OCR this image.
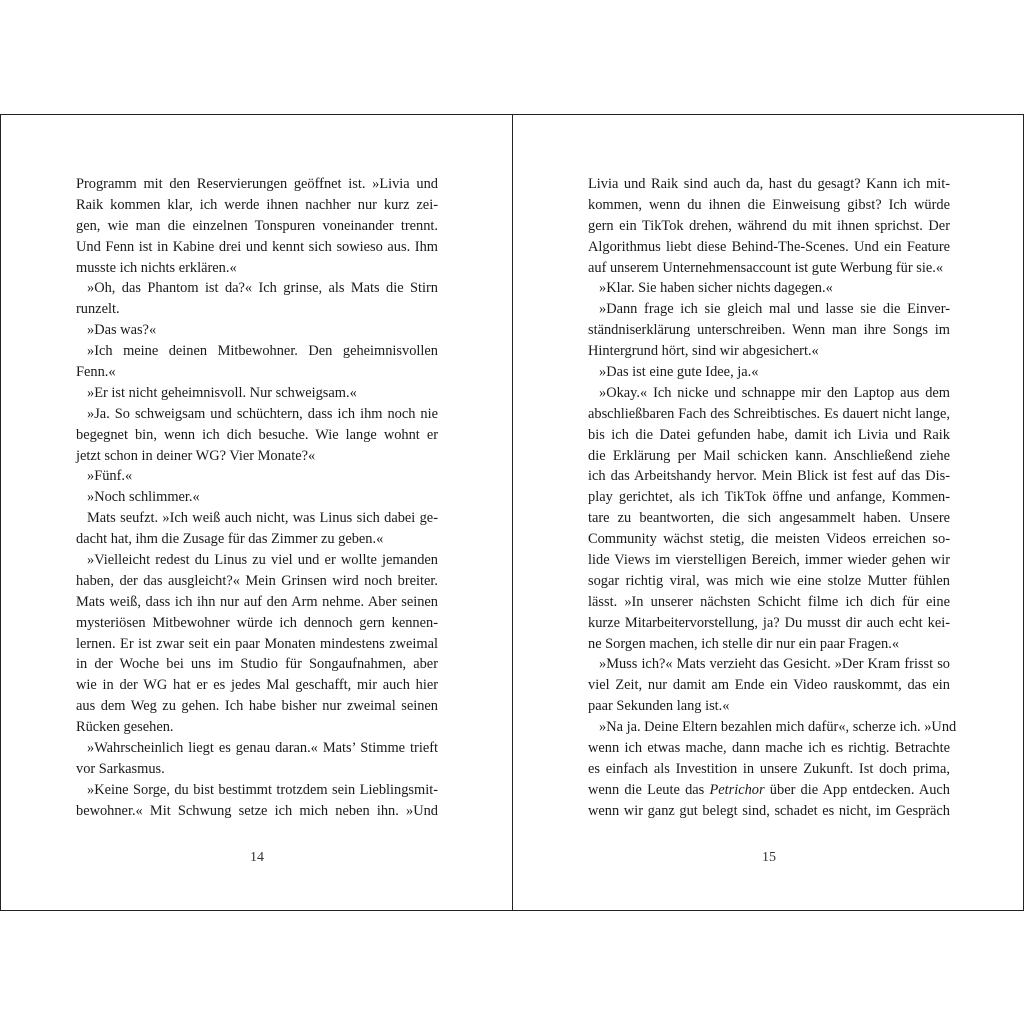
Programm mit den Reservierungen geöffnet ist. »Livia und
Raik kommen klar, ich werde ihnen nachher nur kurz zei-
gen, wie man die einzelnen Tonspuren voneinander trennt.
Und Fenn ist in Kabine drei und kennt sich sowieso aus. Ihm
musste ich nichts erklären.«
»Oh, das Phantom ist da?« Ich grinse, als Mats die Stirn
runzelt.
»Das was?«
»Ich meine deinen Mitbewohner. Den geheimnisvollen
Fenn.«
»Er ist nicht geheimnisvoll. Nur schweigsam.«
»Ja. So schweigsam und schüchtern, dass ich ihm noch nie
begegnet bin, wenn ich dich besuche. Wie lange wohnt er
jetzt schon in deiner WG? Vier Monate?«
»Fünf.«
»Noch schlimmer.«
Mats seufzt. »Ich weiß auch nicht, was Linus sich dabei ge-
dacht hat, ihm die Zusage für das Zimmer zu geben.«
»Vielleicht redest du Linus zu viel und er wollte jemanden
haben, der das ausgleicht?« Mein Grinsen wird noch breiter.
Mats weiß, dass ich ihn nur auf den Arm nehme. Aber seinen
mysteriösen Mitbewohner würde ich dennoch gern kennen-
lernen. Er ist zwar seit ein paar Monaten mindestens zweimal
in der Woche bei uns im Studio für Songaufnahmen, aber
wie in der WG hat er es jedes Mal geschafft, mir auch hier
aus dem Weg zu gehen. Ich habe bisher nur zweimal seinen
Rücken gesehen.
»Wahrscheinlich liegt es genau daran.« Mats’ Stimme trieft
vor Sarkasmus.
»Keine Sorge, du bist bestimmt trotzdem sein Lieblingsmit-
bewohner.« Mit Schwung setze ich mich neben ihn. »Und
Livia und Raik sind auch da, hast du gesagt? Kann ich mit-
kommen, wenn du ihnen die Einweisung gibst? Ich würde
gern ein TikTok drehen, während du mit ihnen sprichst. Der
Algorithmus liebt diese Behind-The-Scenes. Und ein Feature
auf unserem Unternehmensaccount ist gute Werbung für sie.«
»Klar. Sie haben sicher nichts dagegen.«
»Dann frage ich sie gleich mal und lasse sie die Einver-
ständniserklärung unterschreiben. Wenn man ihre Songs im
Hintergrund hört, sind wir abgesichert.«
»Das ist eine gute Idee, ja.«
»Okay.« Ich nicke und schnappe mir den Laptop aus dem
abschließbaren Fach des Schreibtisches. Es dauert nicht lange,
bis ich die Datei gefunden habe, damit ich Livia und Raik
die Erklärung per Mail schicken kann. Anschließend ziehe
ich das Arbeitshandy hervor. Mein Blick ist fest auf das Dis-
play gerichtet, als ich TikTok öffne und anfange, Kommen-
tare zu beantworten, die sich angesammelt haben. Unsere
Community wächst stetig, die meisten Videos erreichen so-
lide Views im vierstelligen Bereich, immer wieder gehen wir
sogar richtig viral, was mich wie eine stolze Mutter fühlen
lässt. »In unserer nächsten Schicht filme ich dich für eine
kurze Mitarbeitervorstellung, ja? Du musst dir auch echt kei-
ne Sorgen machen, ich stelle dir nur ein paar Fragen.«
»Muss ich?« Mats verzieht das Gesicht. »Der Kram frisst so
viel Zeit, nur damit am Ende ein Video rauskommt, das ein
paar Sekunden lang ist.«
»Na ja. Deine Eltern bezahlen mich dafür«, scherze ich. »Und
wenn ich etwas mache, dann mache ich es richtig. Betrachte
es einfach als Investition in unsere Zukunft. Ist doch prima,
wenn die Leute das Petrichor über die App entdecken. Auch
wenn wir ganz gut belegt sind, schadet es nicht, im Gespräch
14	15
